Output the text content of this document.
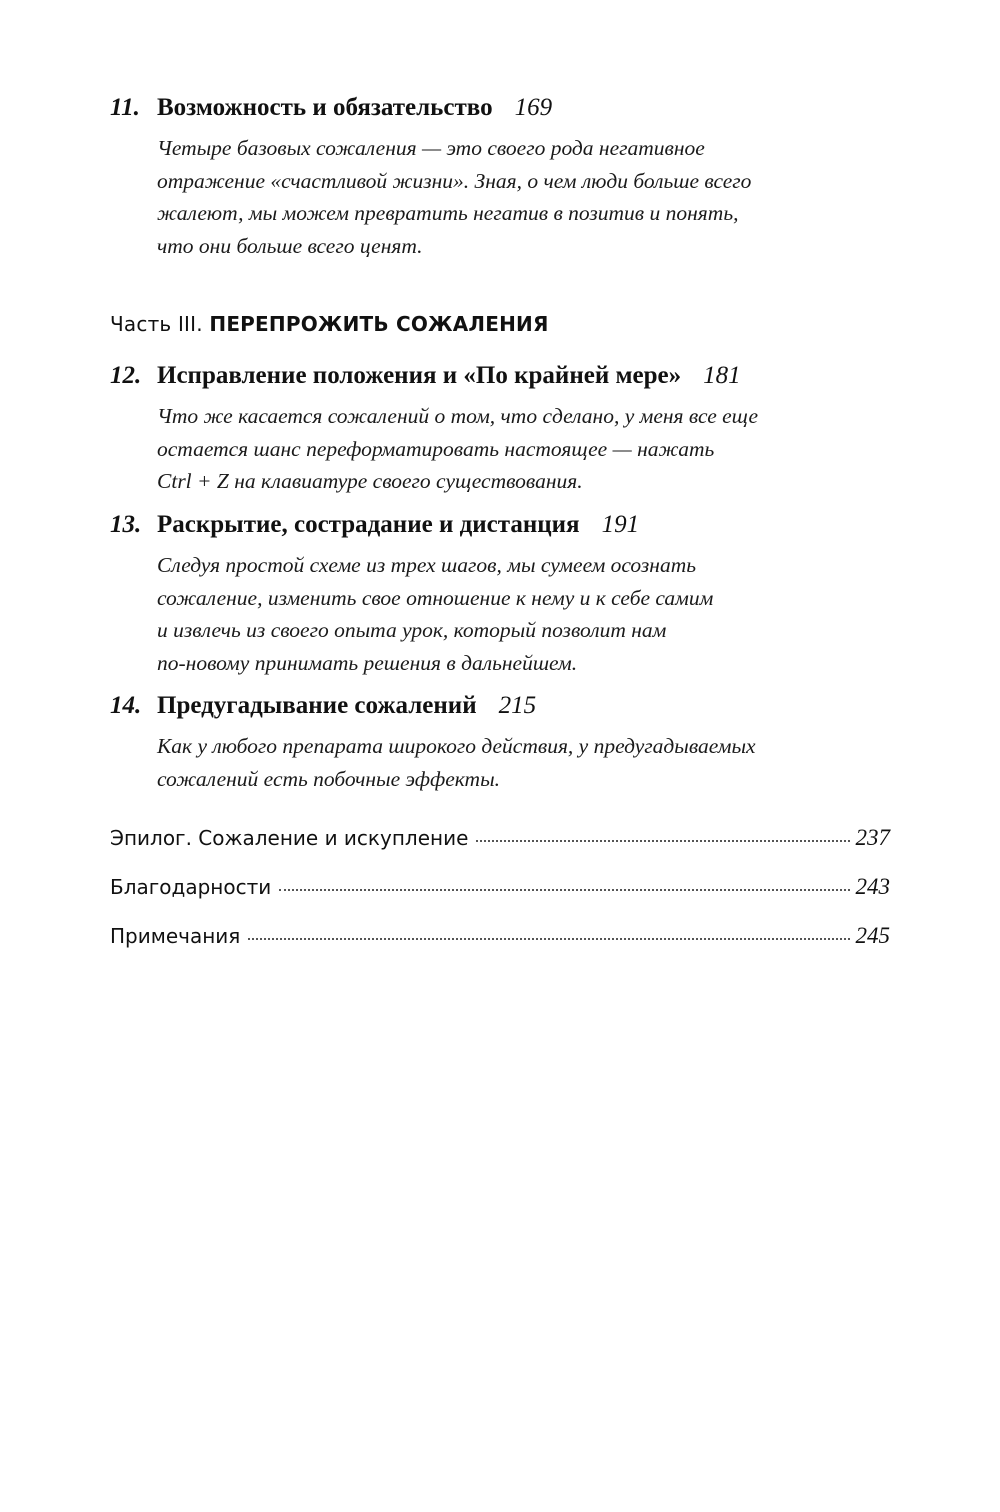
11. Возможность и обязательство 169
Четыре базовых сожаления — это своего рода негативное
отражение «счастливой жизни». Зная, о чем люди больше всего
жалеют, мы можем превратить негатив в позитив и понять,
что они больше всего ценят.
Часть III. ПЕРЕПРОЖИТЬ СОЖАЛЕНИЯ
12. Исправление положения и «По крайней мере» 181
Что же касается сожалений о том, что сделано, у меня все еще
остается шанс переформатировать настоящее — нажать
Ctrl + Z на клавиатуре своего существования.
13. Раскрытие, сострадание и дистанция 191
Следуя простой схеме из трех шагов, мы сумеем осознать
сожаление, изменить свое отношение к нему и к себе самим
и извлечь из своего опыта урок, который позволит нам
по-новому принимать решения в дальнейшем.
14. Предугадывание сожалений 215
Как у любого препарата широкого действия, у предугадываемых
сожалений есть побочные эффекты.
Эпилог. Сожаление и искупление	237
Благодарности	243
Примечания	245
